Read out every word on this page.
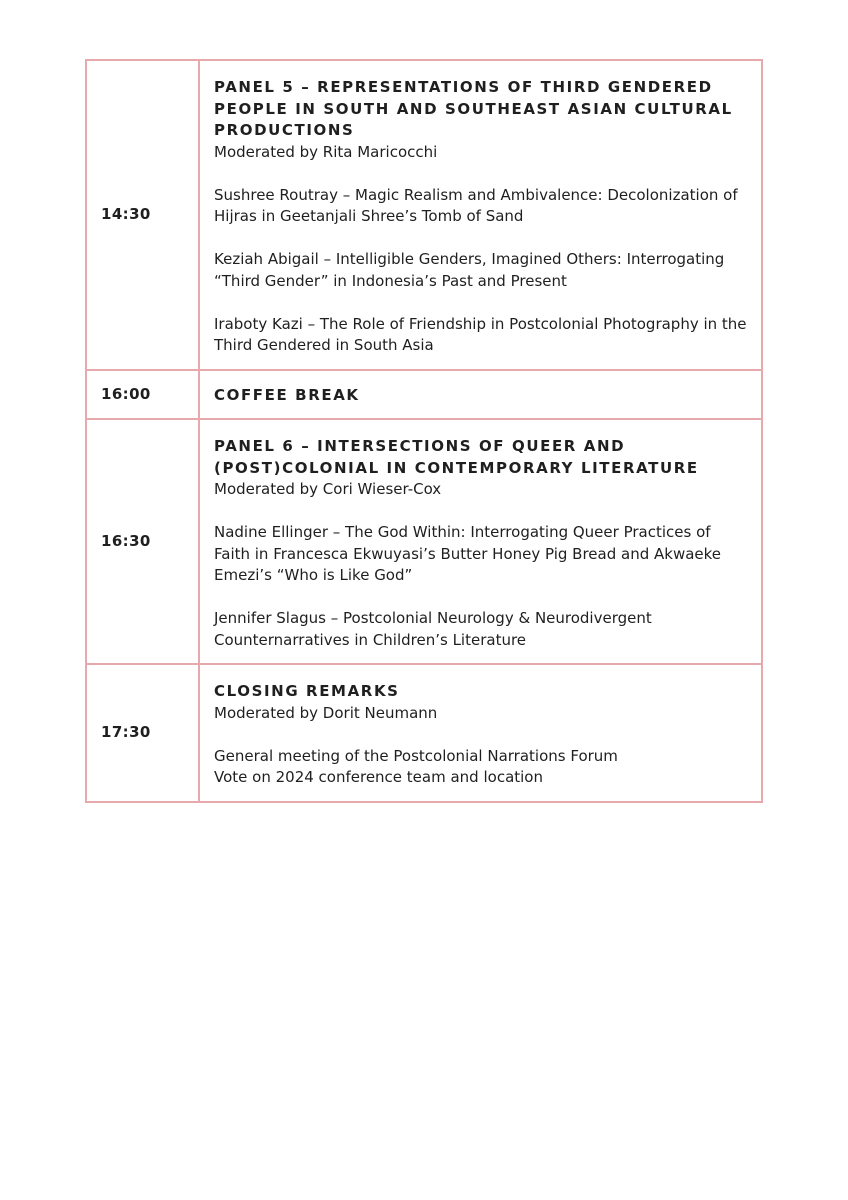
14:30	PANEL 5 – REPRESENTATIONS OF THIRD GENDERED PEOPLE IN SOUTH AND SOUTHEAST ASIAN CULTURAL PRODUCTIONS
Moderated by Rita Maricocchi
Sushree Routray – Magic Realism and Ambivalence: Decolonization of Hijras in Geetanjali Shree’s Tomb of Sand
Keziah Abigail – Intelligible Genders, Imagined Others: Interrogating “Third Gender” in Indonesia’s Past and Present
Iraboty Kazi – The Role of Friendship in Postcolonial Photography in the Third Gendered in South Asia

16:00	COFFEE BREAK

16:30	PANEL 6 – INTERSECTIONS OF QUEER AND (POST)COLONIAL IN CONTEMPORARY LITERATURE
Moderated by Cori Wieser-Cox
Nadine Ellinger – The God Within: Interrogating Queer Practices of Faith in Francesca Ekwuyasi’s Butter Honey Pig Bread and Akwaeke Emezi’s “Who is Like God”
Jennifer Slagus – Postcolonial Neurology & Neurodivergent Counternarratives in Children’s Literature

17:30	CLOSING REMARKS
Moderated by Dorit Neumann
General meeting of the Postcolonial Narrations Forum
Vote on 2024 conference team and location
